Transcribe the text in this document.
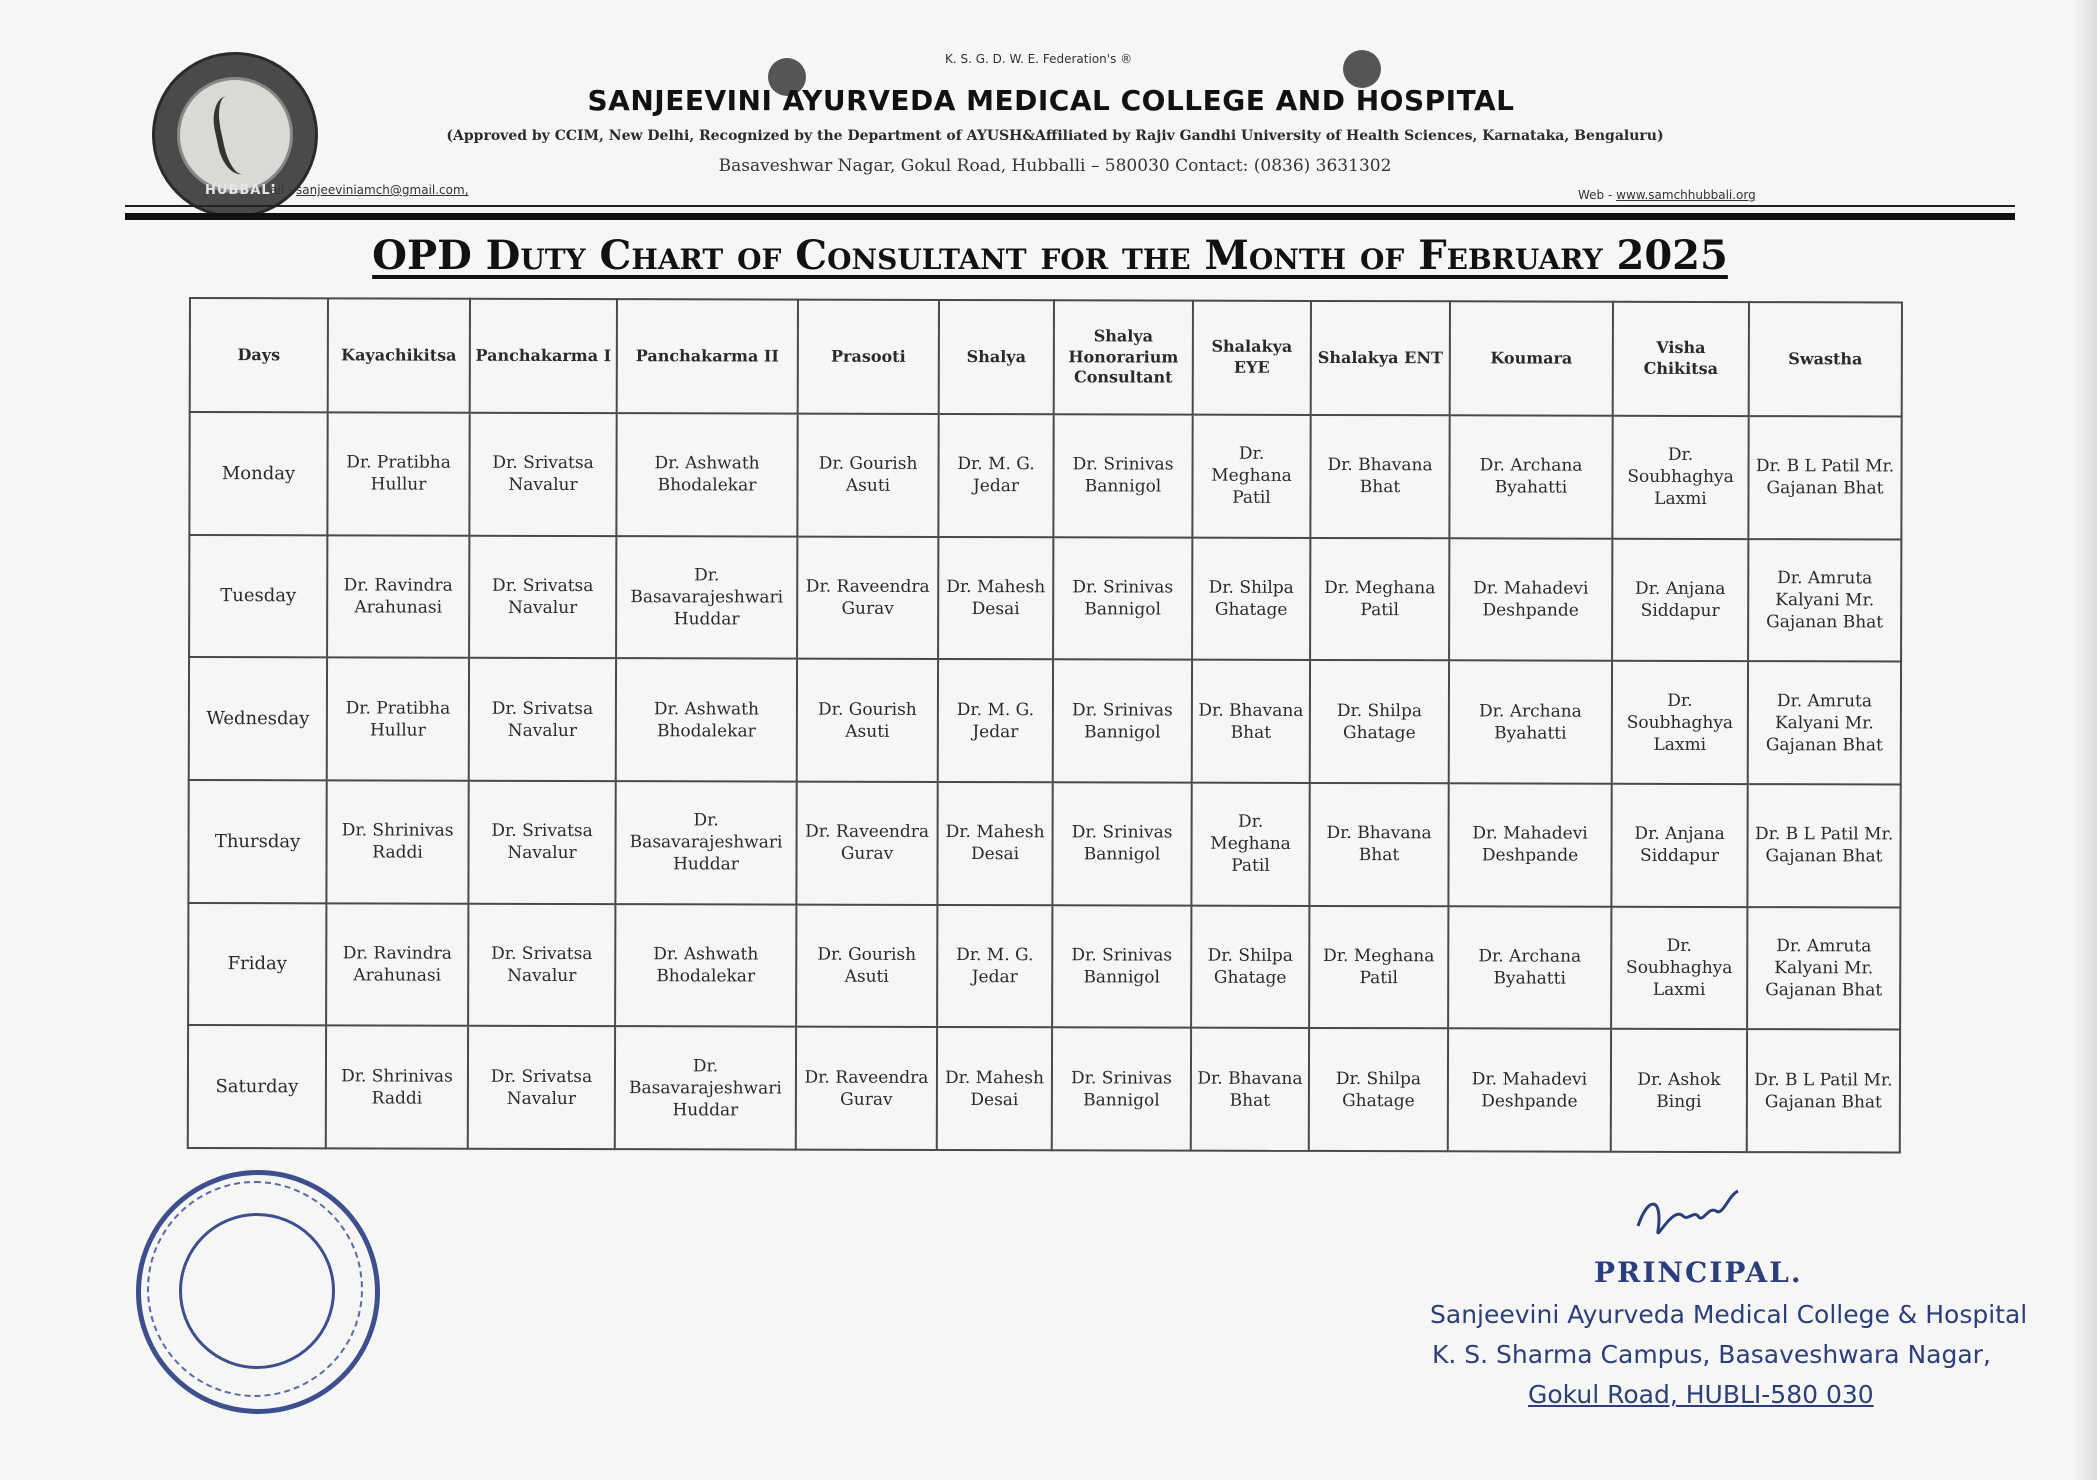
HUBBALI
K. S. G. D. W. E. Federation's ®
SANJEEVINI AYURVEDA MEDICAL COLLEGE AND HOSPITAL
(Approved by CCIM, New Delhi, Recognized by the Department of AYUSH&Affiliated by Rajiv Gandhi University of Health Sciences, Karnataka, Bengaluru)
Basaveshwar Nagar, Gokul Road, Hubballi – 580030 Contact: (0836) 3631302
ail - sanjeeviniamch@gmail.com,	Web - www.samchhubbali.org
OPD Duty Chart of Consultant for the Month of February 2025
Days	Kayachikitsa	Panchakarma I	Panchakarma II	Prasooti	Shalya	Shalya Honorarium Consultant	Shalakya EYE	Shalakya ENT	Koumara	Visha Chikitsa	Swastha
Monday	Dr. Pratibha Hullur	Dr. Srivatsa Navalur	Dr. Ashwath Bhodalekar	Dr. Gourish Asuti	Dr. M. G. Jedar	Dr. Srinivas Bannigol	Dr. Meghana Patil	Dr. Bhavana Bhat	Dr. Archana Byahatti	Dr. Soubhaghya Laxmi	Dr. B L Patil Mr. Gajanan Bhat
Tuesday	Dr. Ravindra Arahunasi	Dr. Srivatsa Navalur	Dr. Basavarajeshwari Huddar	Dr. Raveendra Gurav	Dr. Mahesh Desai	Dr. Srinivas Bannigol	Dr. Shilpa Ghatage	Dr. Meghana Patil	Dr. Mahadevi Deshpande	Dr. Anjana Siddapur	Dr. Amruta Kalyani Mr. Gajanan Bhat
Wednesday	Dr. Pratibha Hullur	Dr. Srivatsa Navalur	Dr. Ashwath Bhodalekar	Dr. Gourish Asuti	Dr. M. G. Jedar	Dr. Srinivas Bannigol	Dr. Bhavana Bhat	Dr. Shilpa Ghatage	Dr. Archana Byahatti	Dr. Soubhaghya Laxmi	Dr. Amruta Kalyani Mr. Gajanan Bhat
Thursday	Dr. Shrinivas Raddi	Dr. Srivatsa Navalur	Dr. Basavarajeshwari Huddar	Dr. Raveendra Gurav	Dr. Mahesh Desai	Dr. Srinivas Bannigol	Dr. Meghana Patil	Dr. Bhavana Bhat	Dr. Mahadevi Deshpande	Dr. Anjana Siddapur	Dr. B L Patil Mr. Gajanan Bhat
Friday	Dr. Ravindra Arahunasi	Dr. Srivatsa Navalur	Dr. Ashwath Bhodalekar	Dr. Gourish Asuti	Dr. M. G. Jedar	Dr. Srinivas Bannigol	Dr. Shilpa Ghatage	Dr. Meghana Patil	Dr. Archana Byahatti	Dr. Soubhaghya Laxmi	Dr. Amruta Kalyani Mr. Gajanan Bhat
Saturday	Dr. Shrinivas Raddi	Dr. Srivatsa Navalur	Dr. Basavarajeshwari Huddar	Dr. Raveendra Gurav	Dr. Mahesh Desai	Dr. Srinivas Bannigol	Dr. Bhavana Bhat	Dr. Shilpa Ghatage	Dr. Mahadevi Deshpande	Dr. Ashok Bingi	Dr. B L Patil Mr. Gajanan Bhat
PRINCIPAL.
Sanjeevini Ayurveda Medical College & Hospital
K. S. Sharma Campus, Basaveshwara Nagar,
Gokul Road, HUBLI-580 030
